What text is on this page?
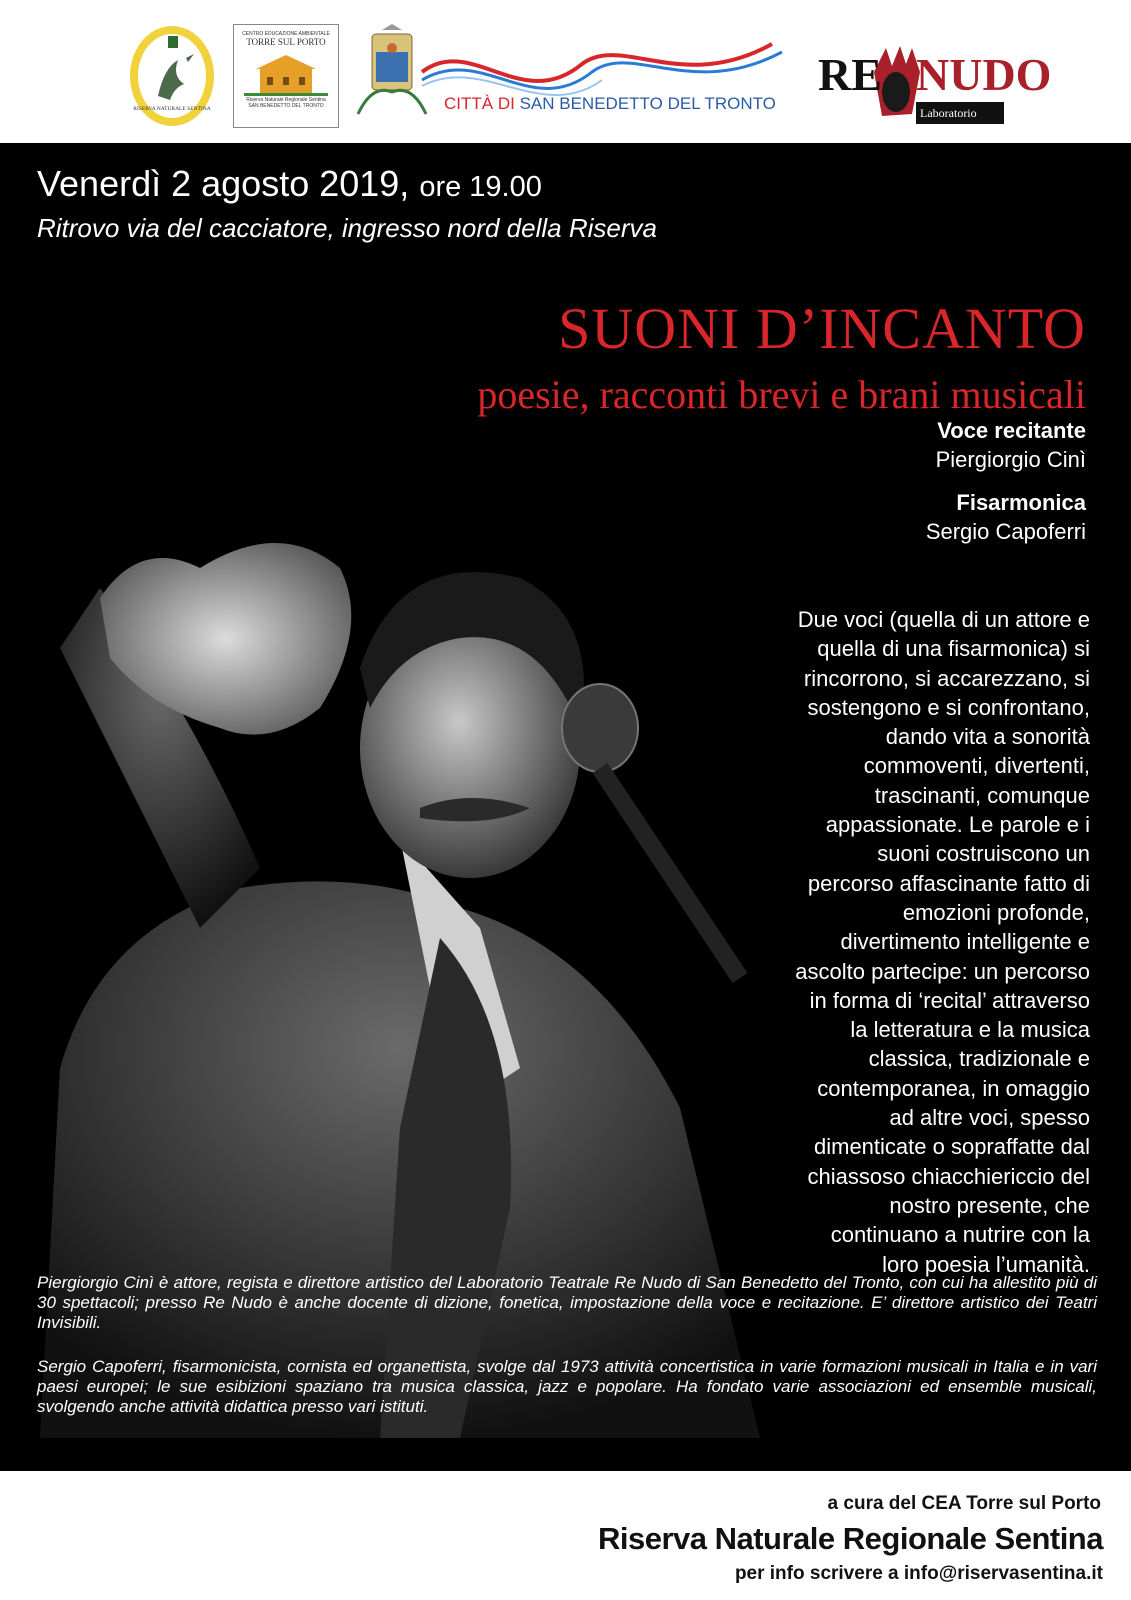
RISERVA NATURALE SENTINA
CENTRO EDUCAZIONE AMBIENTALE
TORRE SUL PORTO
Riserva Naturale Regionale Sentina
SAN BENEDETTO DEL TRONTO	CITTÀ DI SAN BENEDETTO DEL TRONTO
RE NUDO
Laboratorio Teatrale
Venerdì 2 agosto 2019, ore 19.00
Ritrovo via del cacciatore, ingresso nord della Riserva
SUONI D’INCANTO
poesie, racconti brevi e brani musicali
Voce recitante
Piergiorgio Cinì
Fisarmonica
Sergio Capoferri
Due voci (quella di un attore e
quella di una fisarmonica) si
rincorrono, si accarezzano, si
sostengono e si confrontano,
dando vita a sonorità
commoventi, divertenti,
trascinanti, comunque
appassionate. Le parole e i
suoni costruiscono un
percorso affascinante fatto di
emozioni profonde,
divertimento intelligente e
ascolto partecipe: un percorso
in forma di ‘recital’ attraverso
la letteratura e la musica
classica, tradizionale e
contemporanea, in omaggio
ad altre voci, spesso
dimenticate o sopraffatte dal
chiassoso chiacchiericcio del
nostro presente, che
continuano a nutrire con la
loro poesia l’umanità.
Piergiorgio Cinì è attore, regista e direttore artistico del Laboratorio Teatrale Re Nudo di San Benedetto del Tronto, con cui ha allestito più di 30 spettacoli; presso Re Nudo è anche docente di dizione, fonetica, impostazione della voce e recitazione. E’ direttore artistico dei Teatri Invisibili.
Sergio Capoferri, fisarmonicista, cornista ed organettista, svolge dal 1973 attività concertistica in varie formazioni musicali in Italia e in vari paesi europei; le sue esibizioni spaziano tra musica classica, jazz e popolare. Ha fondato varie associazioni ed ensemble musicali, svolgendo anche attività didattica presso vari istituti.
a cura del CEA Torre sul Porto
Riserva Naturale Regionale Sentina
per info scrivere a info@riservasentina.it
